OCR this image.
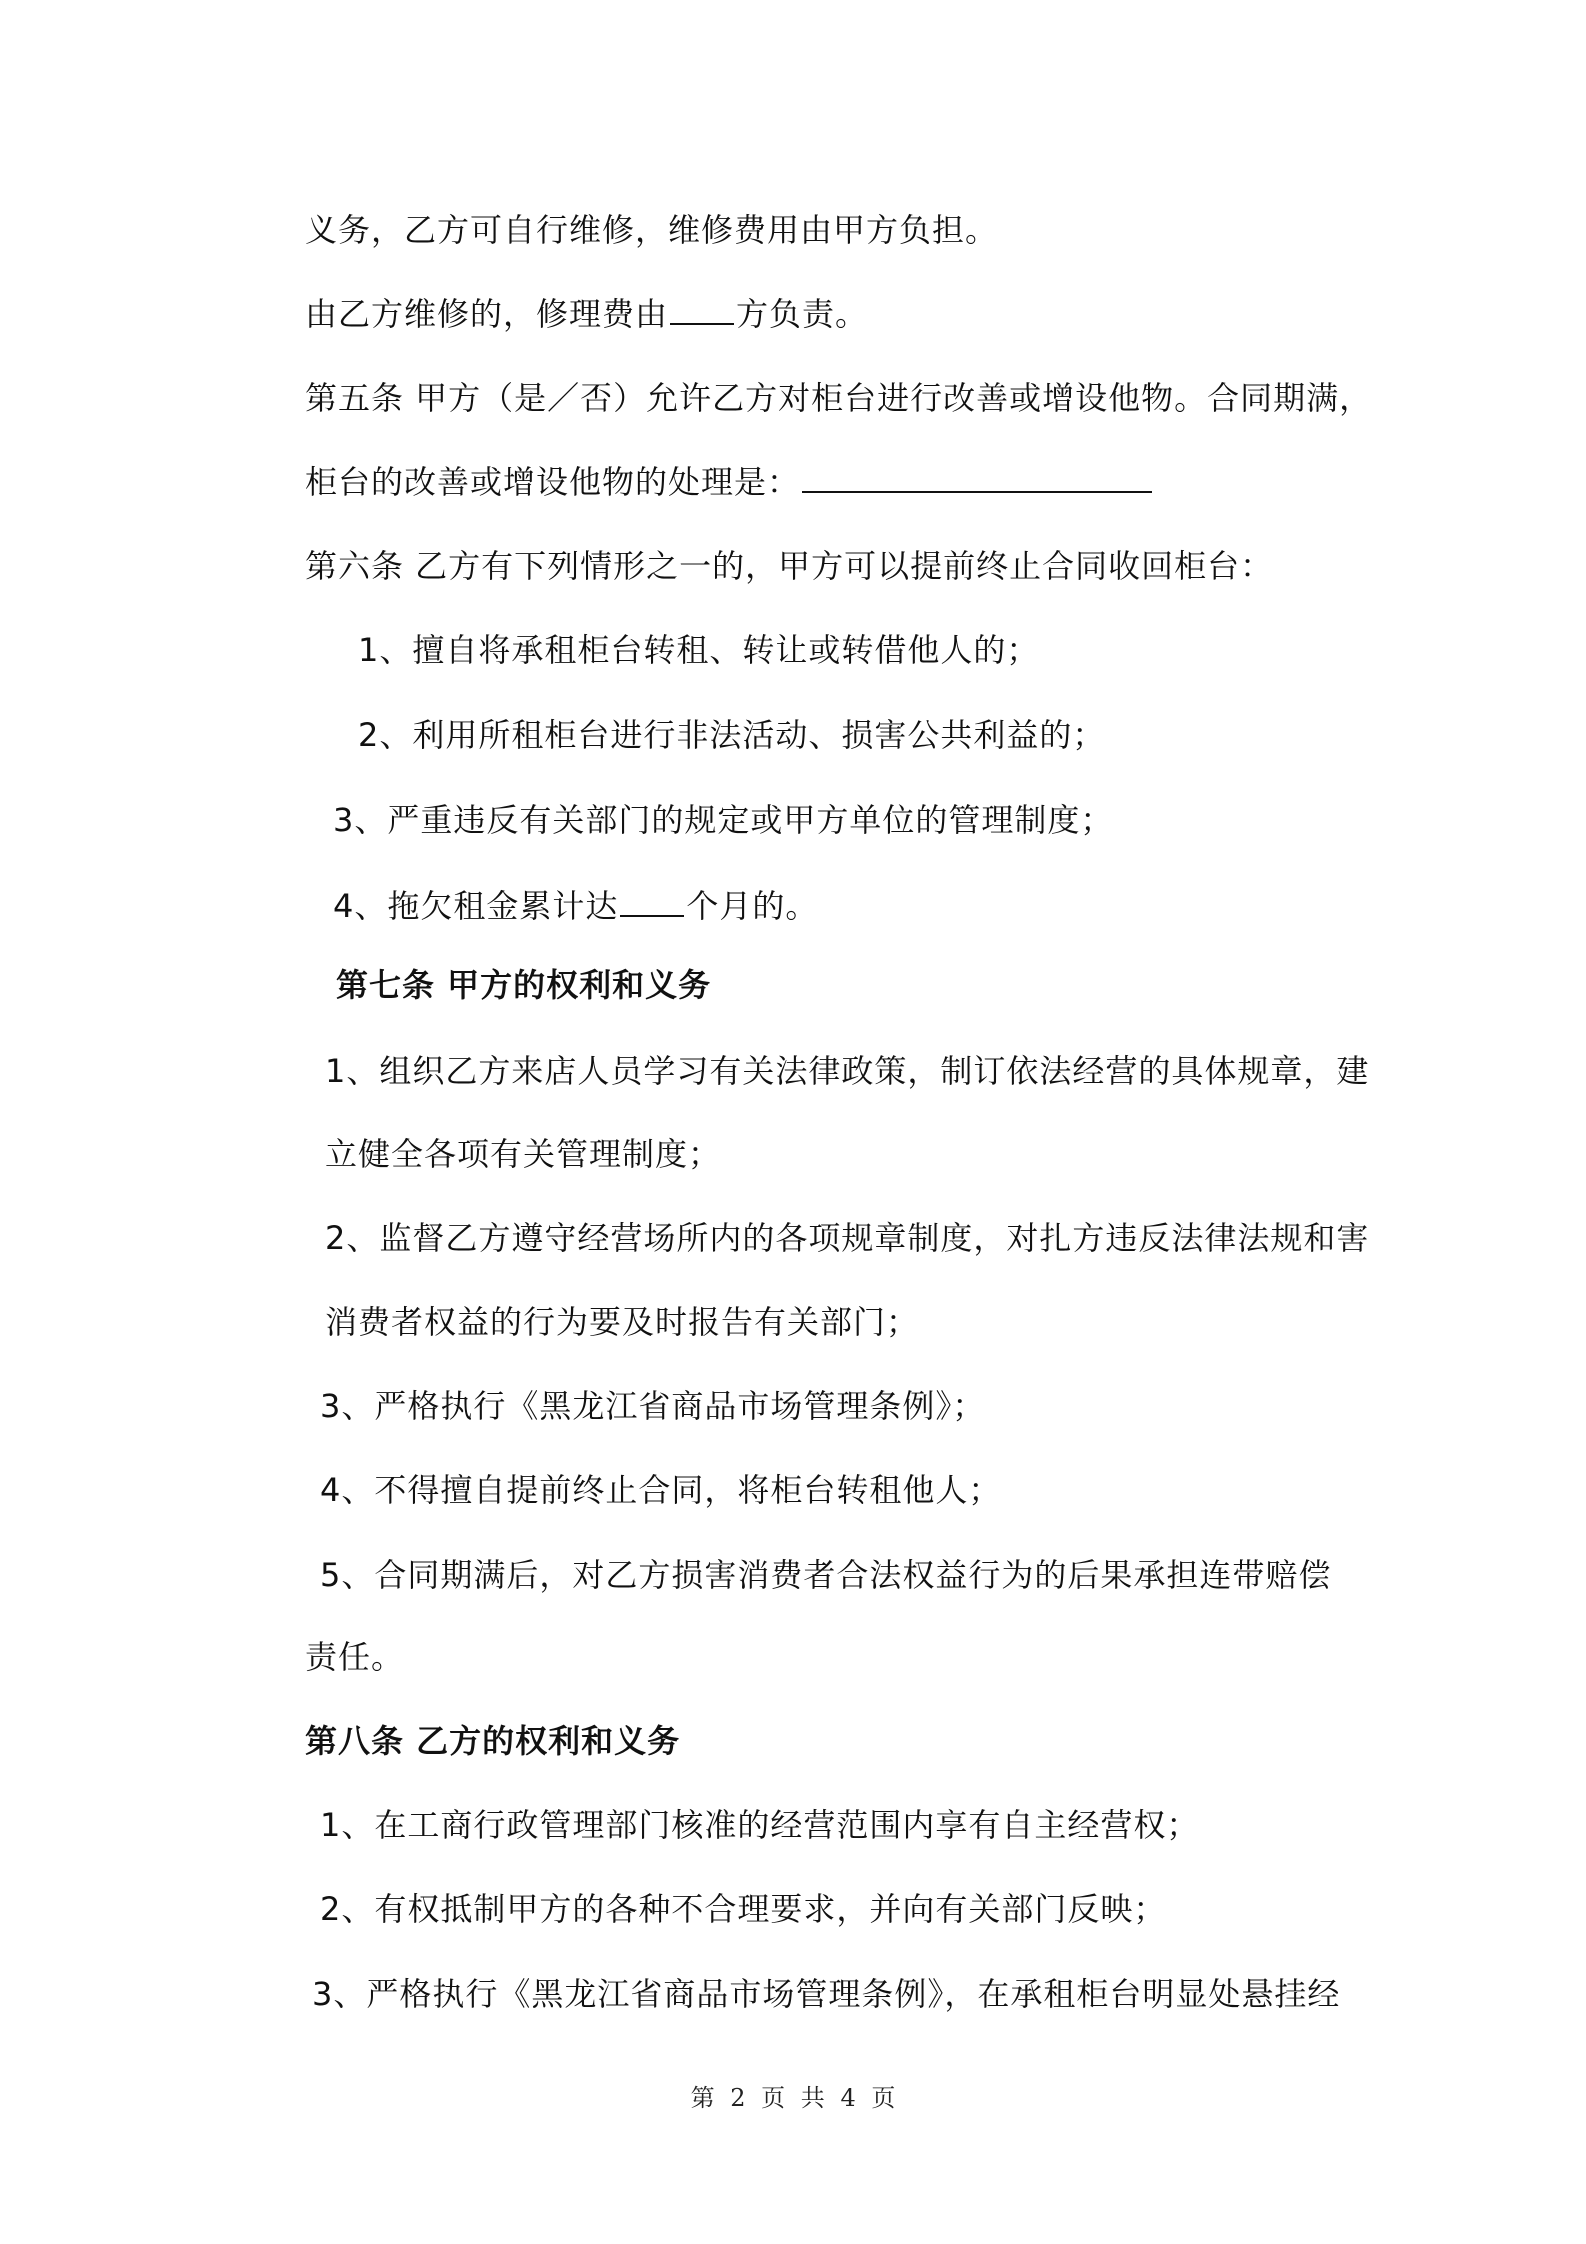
义务，乙方可自行维修，维修费用由甲方负担。
由乙方维修的，修理费由 方负责。
第五条 甲方（是／否）允许乙方对柜台进行改善或增设他物。合同期满，
柜台的改善或增设他物的处理是：
第六条 乙方有下列情形之一的，甲方可以提前终止合同收回柜台：
1、擅自将承租柜台转租、转让或转借他人的；
2、利用所租柜台进行非法活动、损害公共利益的；
3、严重违反有关部门的规定或甲方单位的管理制度；
4、拖欠租金累计达 个月的。
第七条 甲方的权利和义务
1、组织乙方来店人员学习有关法律政策，制订依法经营的具体规章，建
立健全各项有关管理制度；
2、监督乙方遵守经营场所内的各项规章制度，对扎方违反法律法规和害
消费者权益的行为要及时报告有关部门；
3、严格执行《黑龙江省商品市场管理条例》；
4、不得擅自提前终止合同，将柜台转租他人；
5、合同期满后，对乙方损害消费者合法权益行为的后果承担连带赔偿
责任。
第八条 乙方的权利和义务
1、在工商行政管理部门核准的经营范围内享有自主经营权；
2、有权抵制甲方的各种不合理要求，并向有关部门反映；
3、严格执行《黑龙江省商品市场管理条例》，在承租柜台明显处悬挂经
第 2 页 共 4 页
